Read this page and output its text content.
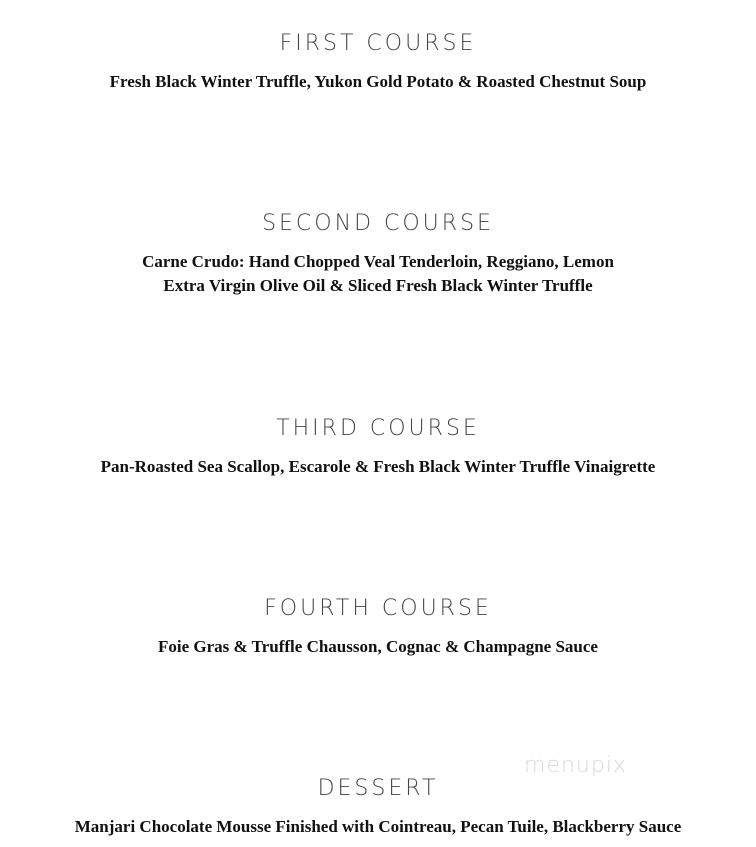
FIRST COURSE

Fresh Black Winter Truffle, Yukon Gold Potato & Roasted Chestnut Soup

SECOND COURSE

Carne Crudo: Hand Chopped Veal Tenderloin, Reggiano, Lemon
Extra Virgin Olive Oil & Sliced Fresh Black Winter Truffle

THIRD COURSE

Pan-Roasted Sea Scallop, Escarole & Fresh Black Winter Truffle Vinaigrette

FOURTH COURSE

Foie Gras & Truffle Chausson, Cognac & Champagne Sauce

menupix
DESSERT

Manjari Chocolate Mousse Finished with Cointreau, Pecan Tuile, Blackberry Sauce
